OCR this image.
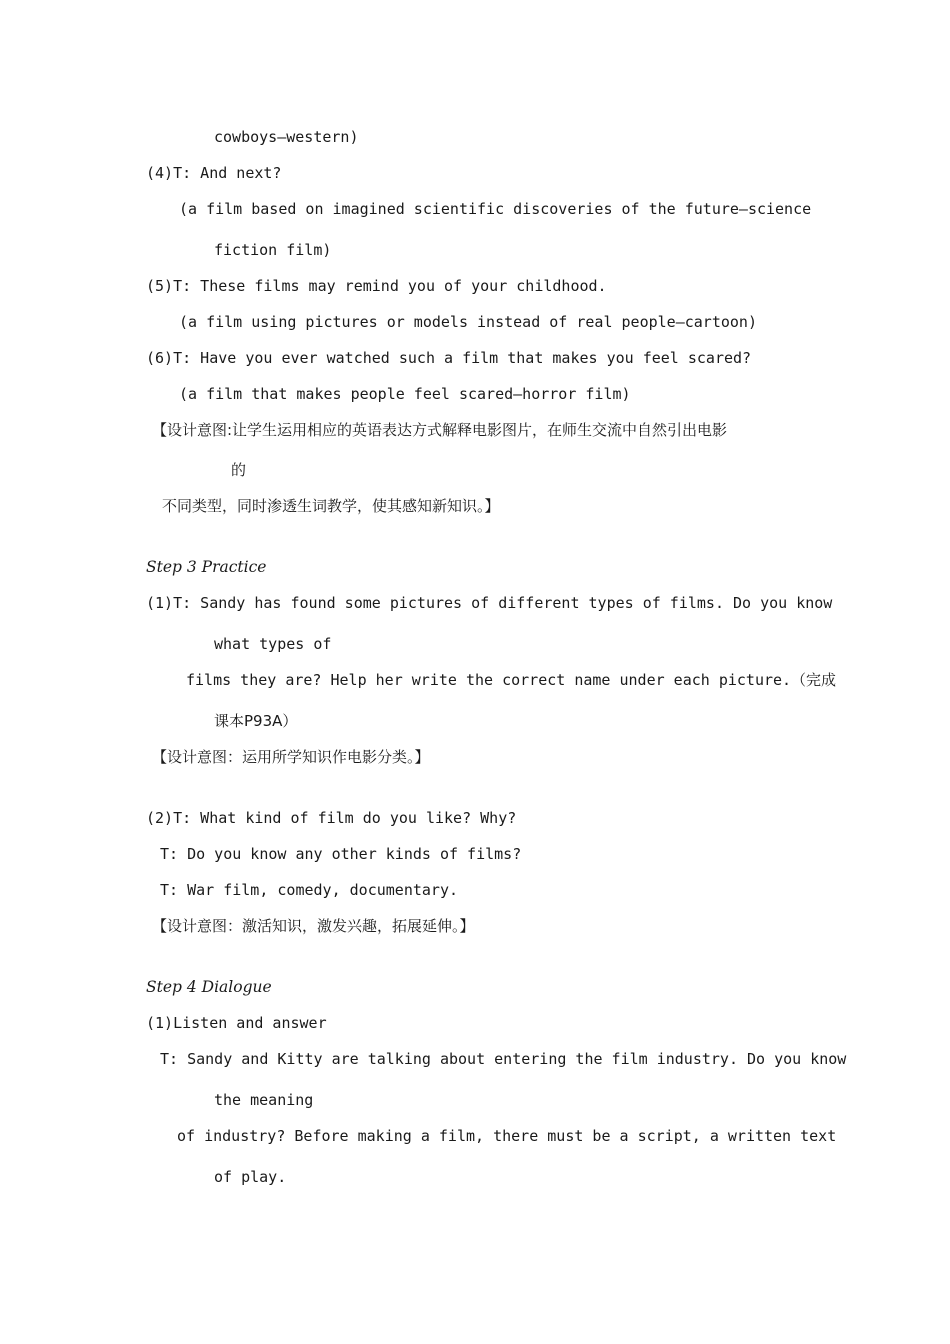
cowboys—western)
(4)T: And next?
(a film based on imagined scientific discoveries of the future—science
fiction film)
(5)T: These films may remind you of your childhood.
(a film using pictures or models instead of real people—cartoon)
(6)T: Have you ever watched such a film that makes you feel scared?
(a film that makes people feel scared—horror film)
【设计意图:让学生运用相应的英语表达方式解释电影图片，在师生交流中自然引出电影
的
不同类型，同时渗透生词教学，使其感知新知识。】
Step 3 Practice
(1)T: Sandy has found some pictures of different types of films. Do you know
what types of
films they are? Help her write the correct name under each picture.（完成
课本P93A）
【设计意图：运用所学知识作电影分类。】
(2)T: What kind of film do you like? Why?
T: Do you know any other kinds of films?
T: War film, comedy, documentary.
【设计意图：激活知识，激发兴趣，拓展延伸。】
Step 4 Dialogue
(1)Listen and answer
T: Sandy and Kitty are talking about entering the film industry. Do you know
the meaning
of industry? Before making a film, there must be a script, a written text
of play.
